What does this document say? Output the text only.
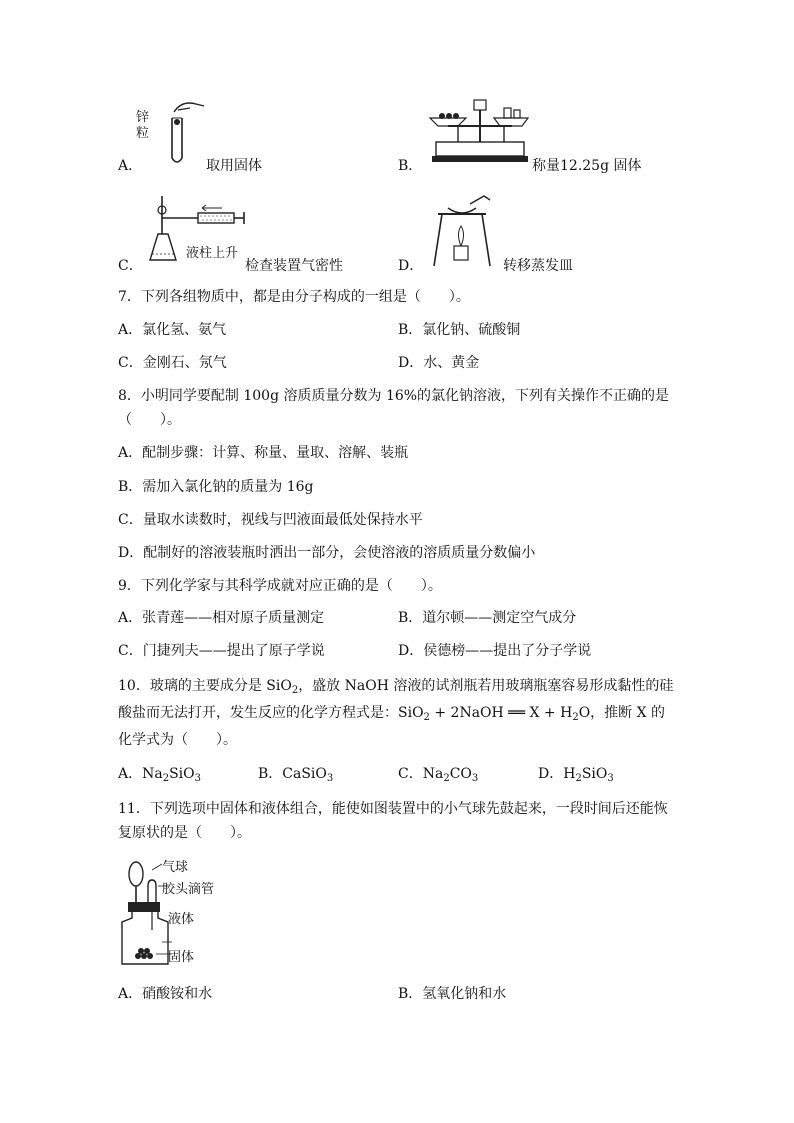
锌
粒
A．	取用固体	B．	称量12.25g 固体
液柱上升
C．	检查装置气密性	D．	转移蒸发皿
7．下列各组物质中，都是由分子构成的一组是（　　）。
A．氯化氢、氨气	B．氯化钠、硫酸铜
C．金刚石、氖气	D．水、黄金
8．小明同学要配制 100g 溶质质量分数为 16%的氯化钠溶液，下列有关操作不正确的是
（　　）。
A．配制步骤：计算、称量、量取、溶解、装瓶
B．需加入氯化钠的质量为 16g
C．量取水读数时，视线与凹液面最低处保持水平
D．配制好的溶液装瓶时洒出一部分，会使溶液的溶质质量分数偏小
9．下列化学家与其科学成就对应正确的是（　　）。
A．张青莲——相对原子质量测定	B．道尔顿——测定空气成分
C．门捷列夫——提出了原子学说	D．侯德榜——提出了分子学说
10．玻璃的主要成分是 SiO$_2$，盛放 NaOH 溶液的试剂瓶若用玻璃瓶塞容易形成黏性的硅
酸盐而无法打开，发生反应的化学方程式是：SiO$_2$ + 2NaOH ══ $X + H_2O$，推断 X 的
化学式为（　　）。
A．$Na_2SiO_3$	B．CaSiO$_3$	C．$Na_2CO_3$	D．$H_2SiO_3$
11．下列选项中固体和液体组合，能使如图装置中的小气球先鼓起来，一段时间后还能恢
复原状的是（　　）。
气球
胶头滴管
液体
固体
A．硝酸铵和水	B．氢氧化钠和水
